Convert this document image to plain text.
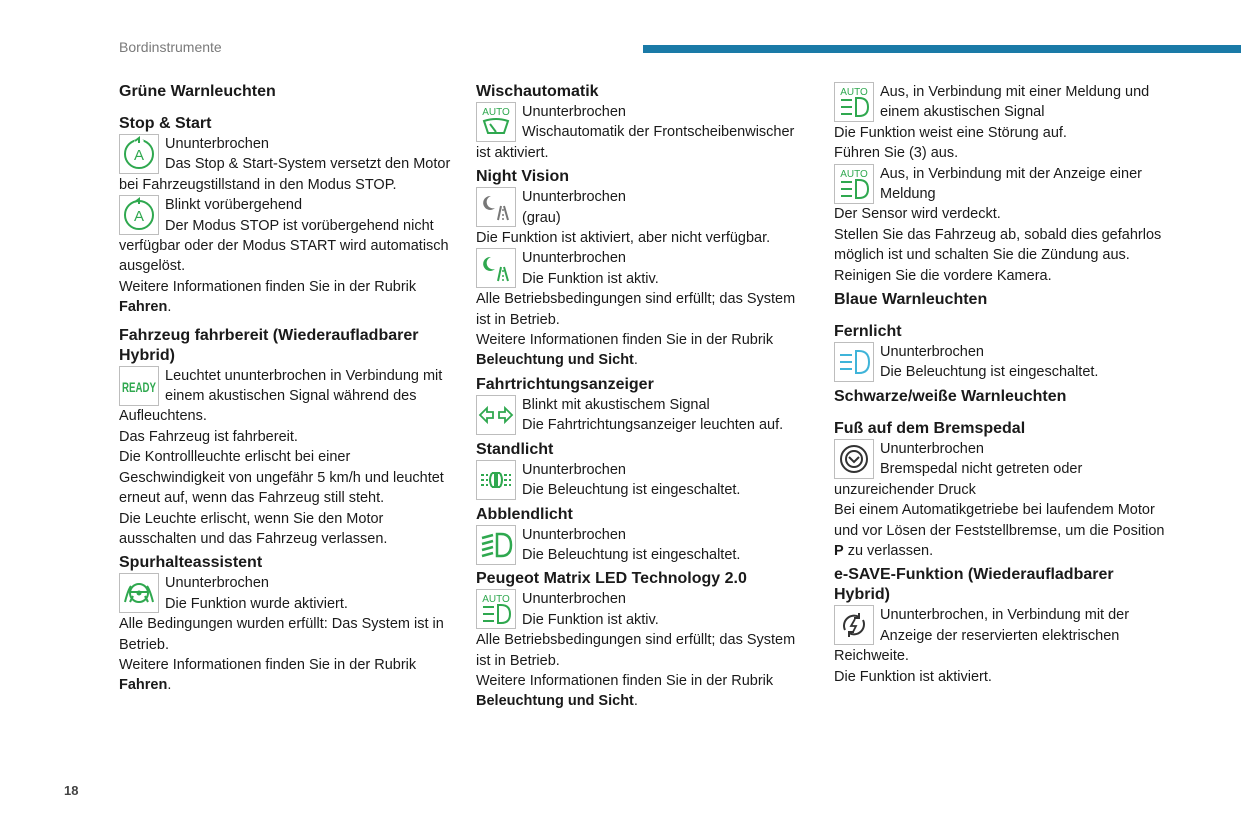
Bordinstrumente
Grüne Warnleuchten
Stop & Start
A

Ununterbrochen

Das Stop & Start-System versetzt den Motor bei Fahrzeugstillstand in den Modus STOP.

A

Blinkt vorübergehend

Der Modus STOP ist vorübergehend nicht verfügbar oder der Modus START wird automatisch ausgelöst.

Weitere Informationen finden Sie in der Rubrik Fahren.

Fahrzeug fahrbereit (Wiederaufladbarer Hybrid)
READY

Leuchtet ununterbrochen in Verbindung mit einem akustischen Signal während des Aufleuchtens.

Das Fahrzeug ist fahrbereit.

Die Kontrollleuchte erlischt bei einer Geschwindigkeit von ungefähr 5 km/h und leuchtet erneut auf, wenn das Fahrzeug still steht.

Die Leuchte erlischt, wenn Sie den Motor ausschalten und das Fahrzeug verlassen.

Spurhalteassistent

Ununterbrochen

Die Funktion wurde aktiviert.

Alle Bedingungen wurden erfüllt: Das System ist in Betrieb.

Weitere Informationen finden Sie in der Rubrik Fahren.

Wischautomatik
AUTO Ununterbrochen

Wischautomatik der Frontscheibenwischer ist aktiviert.

Night Vision

Ununterbrochen

(grau)

Die Funktion ist aktiviert, aber nicht verfügbar.

Ununterbrochen

Die Funktion ist aktiv.

Alle Betriebsbedingungen sind erfüllt; das System ist in Betrieb.

Weitere Informationen finden Sie in der Rubrik Beleuchtung und Sicht.

Fahrtrichtungsanzeiger

Blinkt mit akustischem Signal

Die Fahrtrichtungsanzeiger leuchten auf.

Standlicht

Ununterbrochen

Die Beleuchtung ist eingeschaltet.

Abblendlicht

Ununterbrochen

Die Beleuchtung ist eingeschaltet.

Peugeot Matrix LED Technology 2.0
AUTO Ununterbrochen

Die Funktion ist aktiv.

Alle Betriebsbedingungen sind erfüllt; das System ist in Betrieb.

Weitere Informationen finden Sie in der Rubrik Beleuchtung und Sicht.

AUTO Aus, in Verbindung mit einer Meldung und einem akustischen Signal

Die Funktion weist eine Störung auf.

Führen Sie (3) aus.

AUTO Aus, in Verbindung mit der Anzeige einer Meldung

Der Sensor wird verdeckt.

Stellen Sie das Fahrzeug ab, sobald dies gefahrlos möglich ist und schalten Sie die Zündung aus.

Reinigen Sie die vordere Kamera.

Blaue Warnleuchten
Fernlicht

Ununterbrochen

Die Beleuchtung ist eingeschaltet.

Schwarze/weiße Warnleuchten
Fuß auf dem Bremspedal

Ununterbrochen

Bremspedal nicht getreten oder unzureichender Druck

Bei einem Automatikgetriebe bei laufendem Motor und vor Lösen der Feststellbremse, um die Position P zu verlassen.

e-SAVE-Funktion (Wiederaufladbarer Hybrid)

Ununterbrochen, in Verbindung mit der Anzeige der reservierten elektrischen Reichweite.

Die Funktion ist aktiviert.

18
